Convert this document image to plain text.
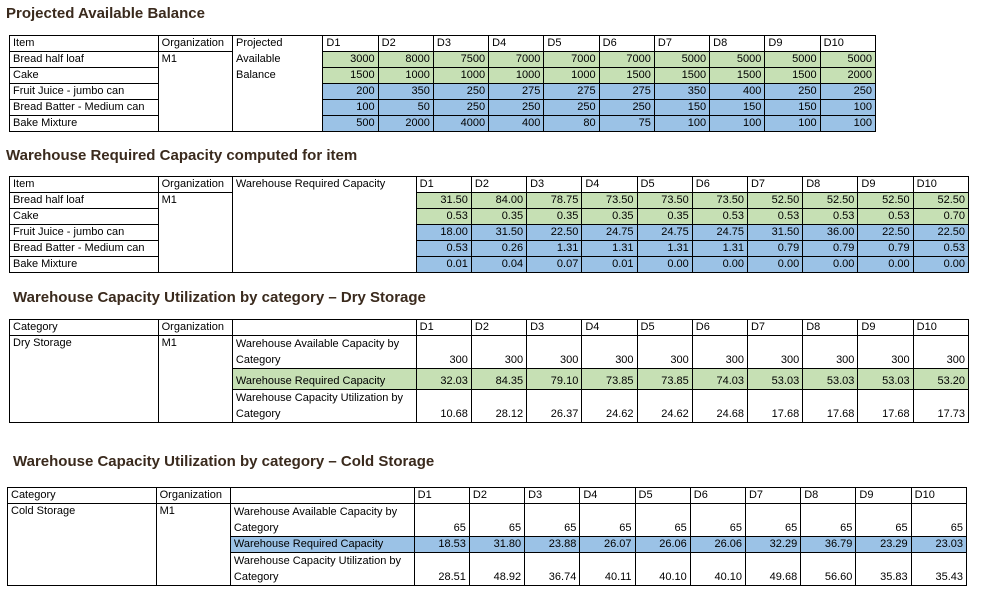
Projected Available Balance
Item	Organization	Projected	D1	D2	D3	D4	D5	D6	D7	D8	D9	D10
Bread half loaf	M1	Available	3000	8000	7500	7000	7000	7000	5000	5000	5000	5000
Cake		Balance	1500	1000	1000	1000	1000	1500	1500	1500	1500	2000
Fruit Juice - jumbo can			200	350	250	275	275	275	350	400	250	250
Bread Batter - Medium can			100	50	250	250	250	250	150	150	150	100
Bake Mixture			500	2000	4000	400	80	75	100	100	100	100
Warehouse Required Capacity computed for item
Item	Organization	Warehouse Required Capacity	D1	D2	D3	D4	D5	D6	D7	D8	D9	D10
Bread half loaf	M1		31.50	84.00	78.75	73.50	73.50	73.50	52.50	52.50	52.50	52.50
Cake			0.53	0.35	0.35	0.35	0.35	0.53	0.53	0.53	0.53	0.70
Fruit Juice - jumbo can			18.00	31.50	22.50	24.75	24.75	24.75	31.50	36.00	22.50	22.50
Bread Batter - Medium can			0.53	0.26	1.31	1.31	1.31	1.31	0.79	0.79	0.79	0.53
Bake Mixture			0.01	0.04	0.07	0.01	0.00	0.00	0.00	0.00	0.00	0.00
Warehouse Capacity Utilization by category – Dry Storage
Category	Organization		D1	D2	D3	D4	D5	D6	D7	D8	D9	D10
Dry Storage	M1	Warehouse Available Capacity by Category	300	300	300	300	300	300	300	300	300	300
		Warehouse Required Capacity	32.03	84.35	79.10	73.85	73.85	74.03	53.03	53.03	53.03	53.20
		Warehouse Capacity Utilization by Category	10.68	28.12	26.37	24.62	24.62	24.68	17.68	17.68	17.68	17.73
Warehouse Capacity Utilization by category – Cold Storage
Category	Organization		D1	D2	D3	D4	D5	D6	D7	D8	D9	D10
Cold Storage	M1	Warehouse Available Capacity by Category	65	65	65	65	65	65	65	65	65	65
		Warehouse Required Capacity	18.53	31.80	23.88	26.07	26.06	26.06	32.29	36.79	23.29	23.03
		Warehouse Capacity Utilization by Category	28.51	48.92	36.74	40.11	40.10	40.10	49.68	56.60	35.83	35.43
